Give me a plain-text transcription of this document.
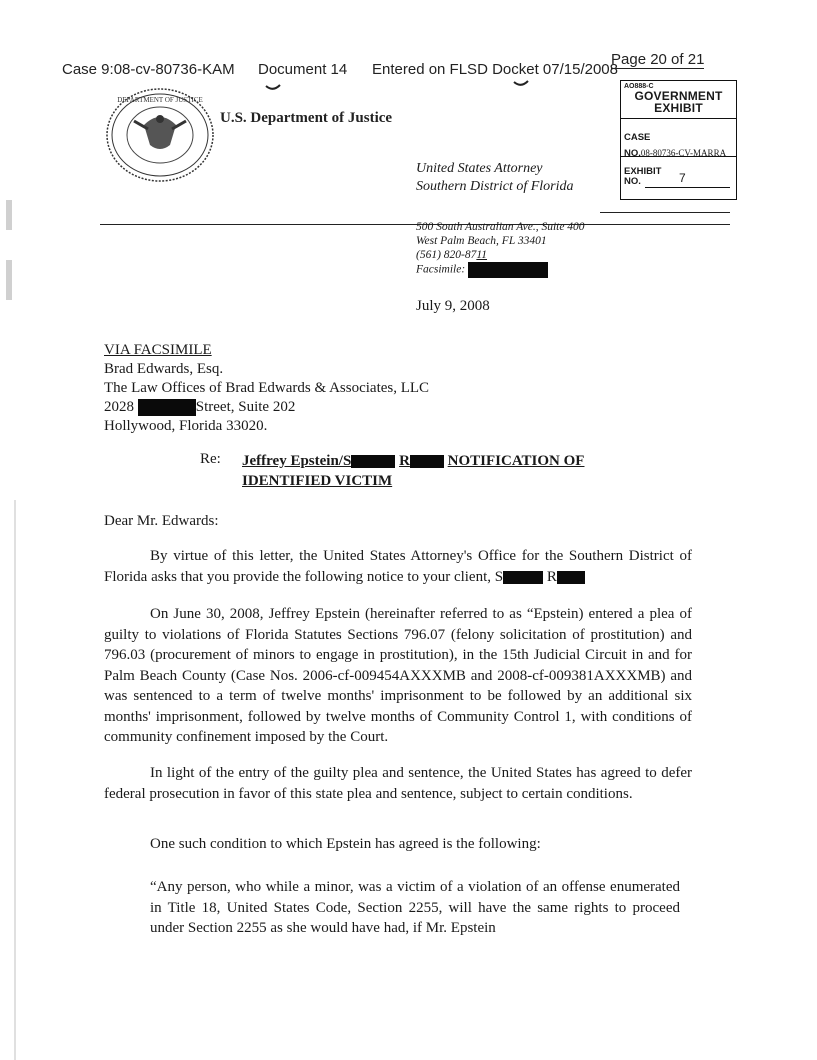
Case 9:08-cv-80736-KAM Document 14 Entered on FLSD Docket 07/15/2008
Page 20 of 21
DEPARTMENT OF JUSTICE
U.S. Department of Justice
United States Attorney
Southern District of Florida
AO888-C
GOVERNMENT
EXHIBIT
CASE
NO.08-80736-CV-MARRA
EXHIBIT
NO.	7
500 South Australian Ave., Suite 400
West Palm Beach, FL 33401
(561) 820-8711
Facsimile:
July 9, 2008
VIA FACSIMILE
Brad Edwards, Esq.
The Law Offices of Brad Edwards & Associates, LLC
2028	Street, Suite 202
Hollywood, Florida 33020.
Re: Jeffrey Epstein/S	R	NOTIFICATION OF
IDENTIFIED VICTIM
Dear Mr. Edwards:
By virtue of this letter, the United States Attorney's Office for the Southern District of Florida asks that you provide the following notice to your client, S	R
On June 30, 2008, Jeffrey Epstein (hereinafter referred to as “Epstein) entered a plea of guilty to violations of Florida Statutes Sections 796.07 (felony solicitation of prostitution) and 796.03 (procurement of minors to engage in prostitution), in the 15th Judicial Circuit in and for Palm Beach County (Case Nos. 2006-cf-009454AXXXMB and 2008-cf-009381AXXXMB) and was sentenced to a term of twelve months' imprisonment to be followed by an additional six months' imprisonment, followed by twelve months of Community Control 1, with conditions of community confinement imposed by the Court.
In light of the entry of the guilty plea and sentence, the United States has agreed to defer federal prosecution in favor of this state plea and sentence, subject to certain conditions.
One such condition to which Epstein has agreed is the following:
“Any person, who while a minor, was a victim of a violation of an offense enumerated in Title 18, United States Code, Section 2255, will have the same rights to proceed under Section 2255 as she would have had, if Mr. Epstein
